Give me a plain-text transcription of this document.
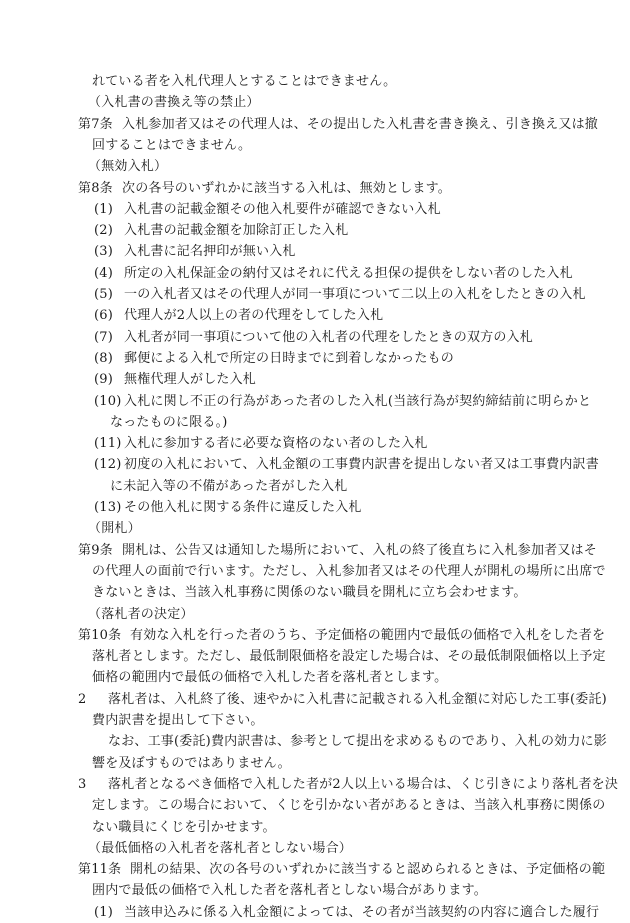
れている者を入札代理人とすることはできません。
（入札書の書換え等の禁止）
第7条 入札参加者又はその代理人は、その提出した入札書を書き換え、引き換え又は撤
回することはできません。
（無効入札）
第8条 次の各号のいずれかに該当する入札は、無効とします。
(1) 入札書の記載金額その他入札要件が確認できない入札
(2) 入札書の記載金額を加除訂正した入札
(3) 入札書に記名押印が無い入札
(4) 所定の入札保証金の納付又はそれに代える担保の提供をしない者のした入札
(5) 一の入札者又はその代理人が同一事項について二以上の入札をしたときの入札
(6) 代理人が2人以上の者の代理をしてした入札
(7) 入札者が同一事項について他の入札者の代理をしたときの双方の入札
(8) 郵便による入札で所定の日時までに到着しなかったもの
(9) 無権代理人がした入札
(10) 入札に関し不正の行為があった者のした入札(当該行為が契約締結前に明らかと
なったものに限る。)
(11) 入札に参加する者に必要な資格のない者のした入札
(12) 初度の入札において、入札金額の工事費内訳書を提出しない者又は工事費内訳書
に未記入等の不備があった者がした入札
(13) その他入札に関する条件に違反した入札
（開札）
第9条 開札は、公告又は通知した場所において、入札の終了後直ちに入札参加者又はそ
の代理人の面前で行います。ただし、入札参加者又はその代理人が開札の場所に出席で
きないときは、当該入札事務に関係のない職員を開札に立ち会わせます。
（落札者の決定）
第10条 有効な入札を行った者のうち、予定価格の範囲内で最低の価格で入札をした者を
落札者とします。ただし、最低制限価格を設定した場合は、その最低制限価格以上予定
価格の範囲内で最低の価格で入札した者を落札者とします。
2 落札者は、入札終了後、速やかに入札書に記載される入札金額に対応した工事(委託)
費内訳書を提出して下さい。
なお、工事(委託)費内訳書は、参考として提出を求めるものであり、入札の効力に影
響を及ぼすものではありません。
3 落札者となるべき価格で入札した者が2人以上いる場合は、くじ引きにより落札者を決
定します。この場合において、くじを引かない者があるときは、当該入札事務に関係の
ない職員にくじを引かせます。
（最低価格の入札者を落札者としない場合）
第11条 開札の結果、次の各号のいずれかに該当すると認められるときは、予定価格の範
囲内で最低の価格で入札した者を落札者としない場合があります。
(1) 当該申込みに係る入札金額によっては、その者が当該契約の内容に適合した履行
